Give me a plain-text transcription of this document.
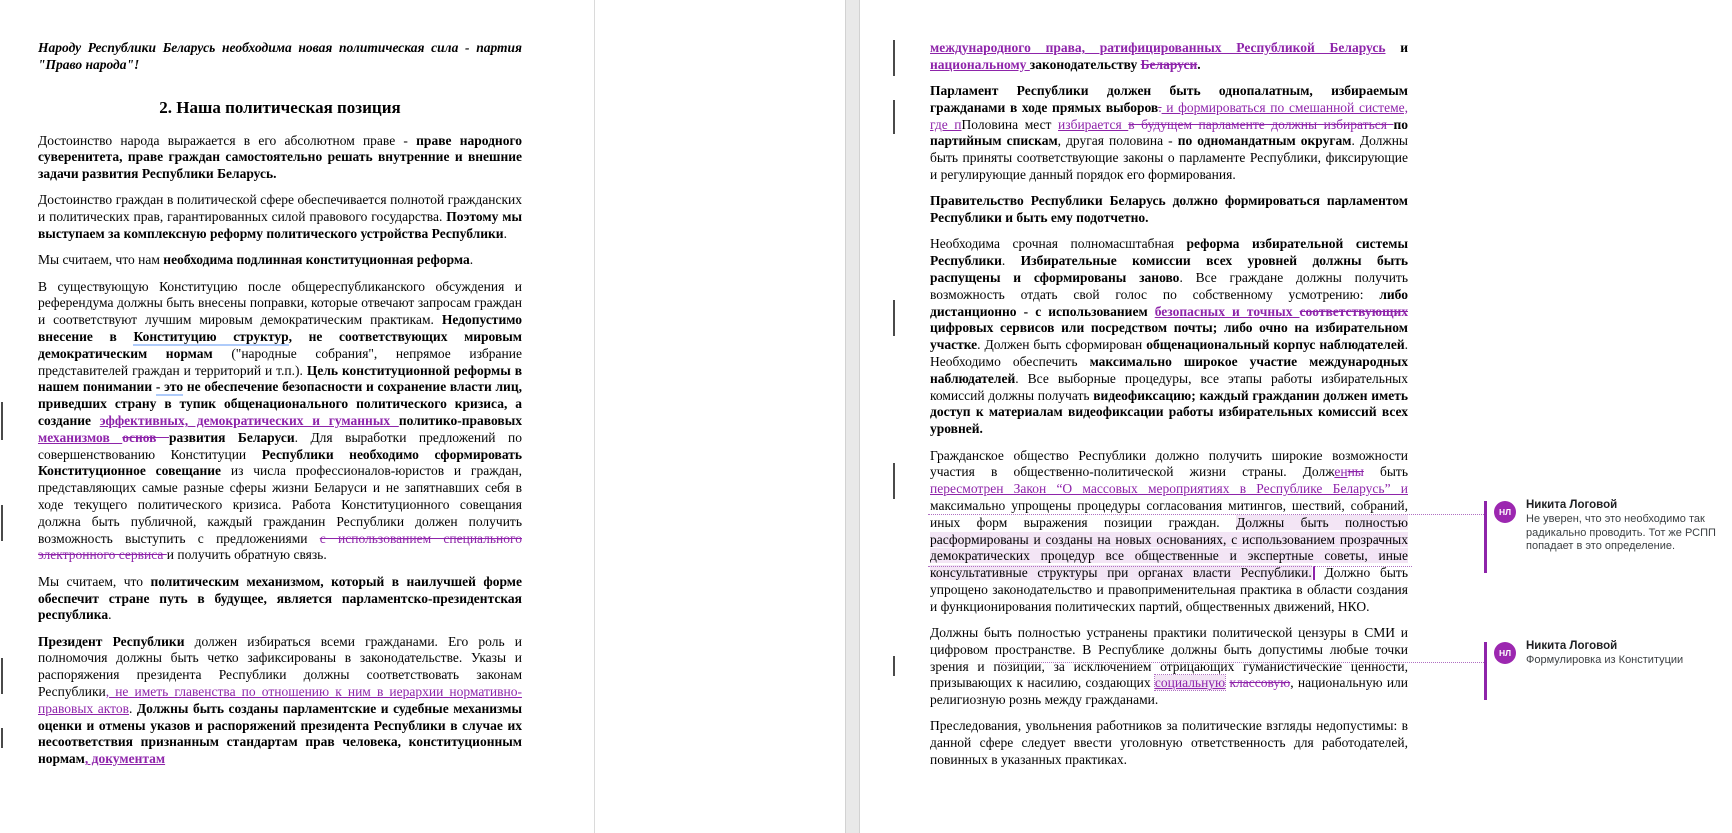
Народу Республики Беларусь необходима новая политическая сила - партия "Право народа"!

2. Наша политическая позиция

Достоинство народа выражается в его абсолютном праве - праве народного суверенитета, праве граждан самостоятельно решать внутренние и внешние задачи развития Республики Беларусь.

Достоинство граждан в политической сфере обеспечивается полнотой гражданских и политических прав, гарантированных силой правового государства. Поэтому мы выступаем за комплексную реформу политического устройства Республики.

Мы считаем, что нам необходима подлинная конституционная реформа.

В существующую Конституцию после общереспубликанского обсуждения и референдума должны быть внесены поправки, которые отвечают запросам граждан и соответствуют лучшим мировым демократическим практикам. Недопустимо внесение в Конституцию структур, не соответствующих мировым демократическим нормам ("народные собрания", непрямое избрание представителей граждан и территорий и т.п.). Цель конституционной реформы в нашем понимании - это не обеспечение безопасности и сохранение власти лиц, приведших страну в тупик общенационального политического кризиса, а создание эффективных, демократических и гуманных политико-правовых механизмов основ развития Беларуси. Для выработки предложений по совершенствованию Конституции Республики необходимо сформировать Конституционное совещание из числа профессионалов-юристов и граждан, представляющих самые разные сферы жизни Беларуси и не запятнавших себя в ходе текущего политического кризиса. Работа Конституционного совещания должна быть публичной, каждый гражданин Республики должен получить возможность выступить с предложениями с использованием специального электронного сервиса и получить обратную связь.

Мы считаем, что политическим механизмом, который в наилучшей форме обеспечит стране путь в будущее, является парламентско-президентская республика.

Президент Республики должен избираться всеми гражданами. Его роль и полномочия должны быть четко зафиксированы в законодательстве. Указы и распоряжения президента Республики должны соответствовать законам Республики, не иметь главенства по отношению к ним в иерархии нормативно-правовых актов. Должны быть созданы парламентские и судебные механизмы оценки и отмены указов и распоряжений президента Республики в случае их несоответствия признанным стандартам прав человека, конституционным нормам, документам

международного права, ратифицированных Республикой Беларусь и национальному законодательству Беларуси.

Парламент Республики должен быть однопалатным, избираемым гражданами в ходе прямых выборов. и формироваться по смешанной системе, где пПоловина мест избирается в будущем парламенте должны избираться по партийным спискам, другая половина - по одномандатным округам. Должны быть приняты соответствующие законы о парламенте Республики, фиксирующие и регулирующие данный порядок его формирования.

Правительство Республики Беларусь должно формироваться парламентом Республики и быть ему подотчетно.

Необходима срочная полномасштабная реформа избирательной системы Республики. Избирательные комиссии всех уровней должны быть распущены и сформированы заново. Все граждане должны получить возможность отдать свой голос по собственному усмотрению: либо дистанционно - с использованием безопасных и точных соответствующих цифровых сервисов или посредством почты; либо очно на избирательном участке. Должен быть сформирован общенациональный корпус наблюдателей. Необходимо обеспечить максимально широкое участие международных наблюдателей. Все выборные процедуры, все этапы работы избирательных комиссий должны получать видеофиксацию; каждый гражданин должен иметь доступ к материалам видеофиксации работы избирательных комиссий всех уровней.

Гражданское общество Республики должно получить широкие возможности участия в общественно-политической жизни страны. Долженны быть пересмотрен Закон “О массовых мероприятиях в Республике Беларусь” и максимально упрощены процедуры согласования митингов, шествий, собраний, иных форм выражения позиции граждан. Должны быть полностью расформированы и созданы на новых основаниях, с использованием прозрачных демократических процедур все общественные и экспертные советы, иные консультативные структуры при органах власти Республики. Должно быть упрощено законодательство и правоприменительная практика в области создания и функционирования политических партий, общественных движений, НКО.

Должны быть полностью устранены практики политической цензуры в СМИ и цифровом пространстве. В Республике должны быть допустимы любые точки зрения и позиции, за исключением отрицающих гуманистические ценности, призывающих к насилию, создающих социальную классовую, национальную или религиозную рознь между гражданами.

Преследования, увольнения работников за политические взгляды недопустимы: в данной сфере следует ввести уголовную ответственность для работодателей, повинных в указанных практиках.

НЛ
Никита Логовой
Не уверен, что это необходимо так радикально проводить. Тот же РСПП попадает в это определение.
НЛ
Никита Логовой
Формулировка из Конституции
